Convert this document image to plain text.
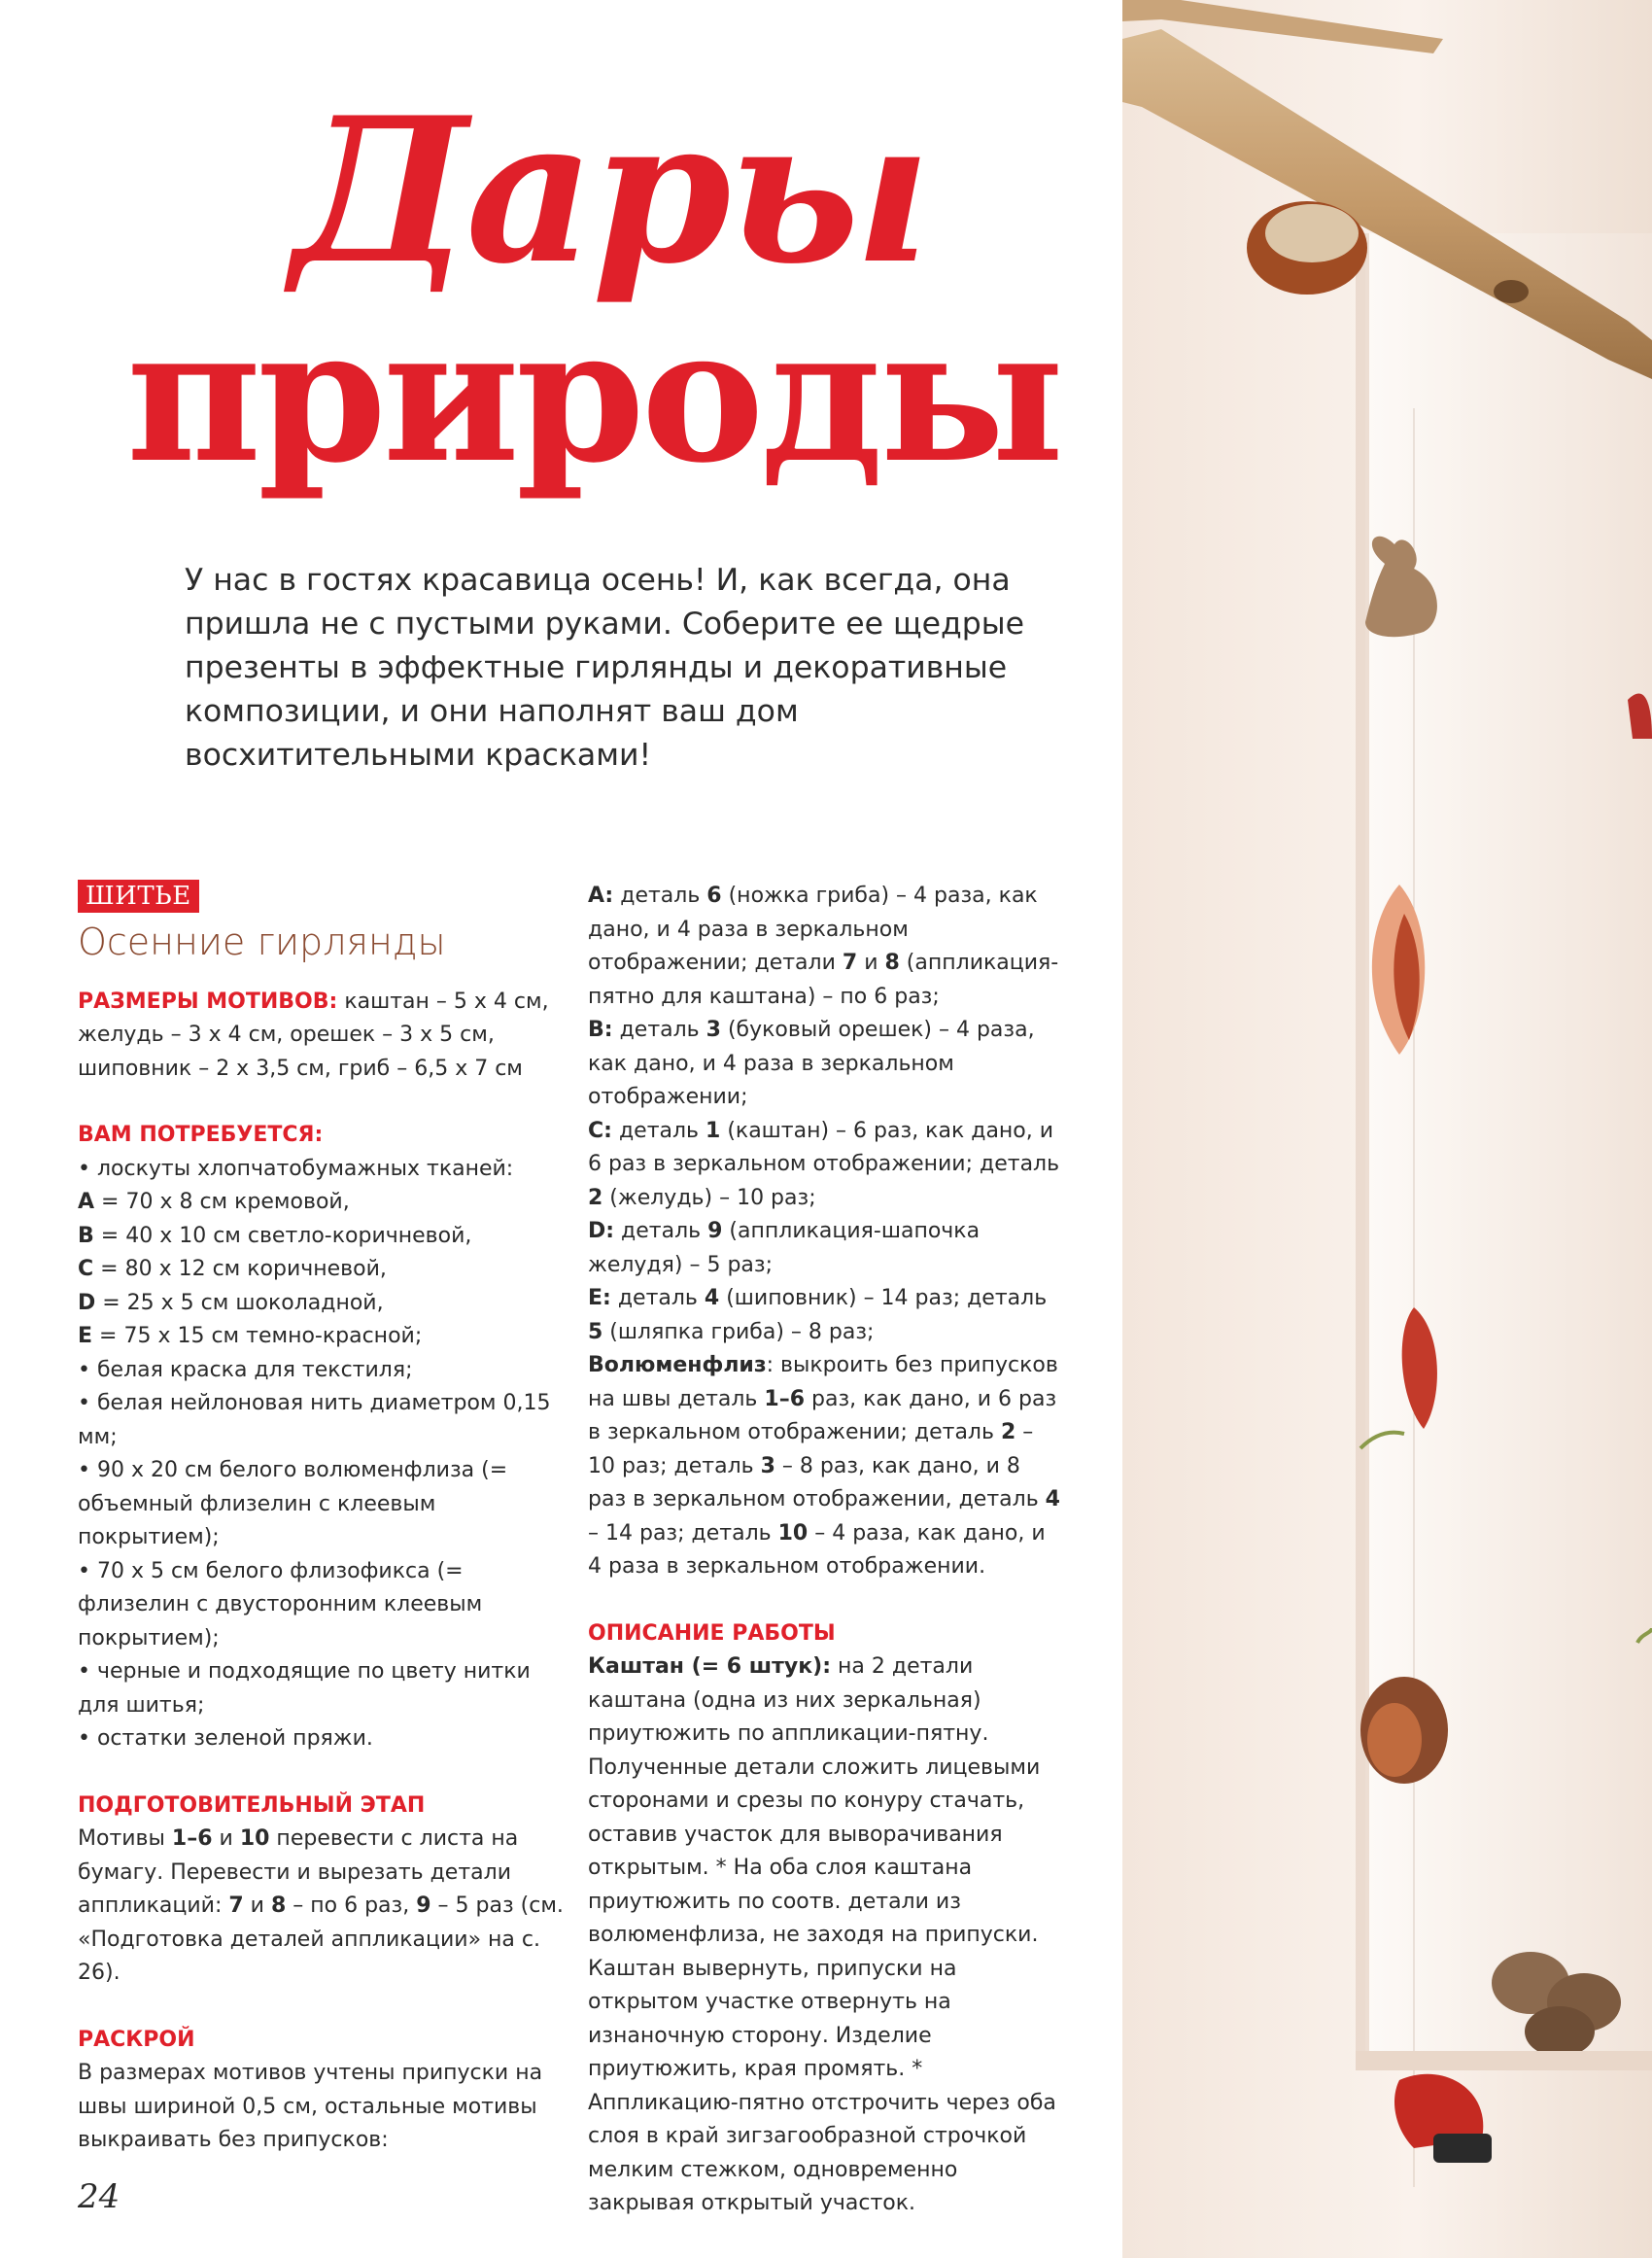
Дары
природы

У нас в гостях красавица осень! И, как всегда, она пришла не с пустыми руками. Соберите ее щедрые презенты в эффектные гирлянды и декоративные композиции, и они наполнят ваш дом восхитительными красками!

ШИТЬЕ
Осенние гирлянды

РАЗМЕРЫ МОТИВОВ: каштан – 5 х 4 см, желудь – 3 х 4 см, орешек – 3 х 5 см, шиповник – 2 х 3,5 см, гриб – 6,5 х 7 см

ВАМ ПОТРЕБУЕТСЯ:

• лоскуты хлопчатобумажных тканей:

A = 70 х 8 см кремовой,

B = 40 х 10 см светло-коричневой,

C = 80 х 12 см коричневой,

D = 25 х 5 см шоколадной,

E = 75 х 15 см темно-красной;

• белая краска для текстиля;

• белая нейлоновая нить диаметром 0,15 мм;

• 90 х 20 см белого волюменфлиза (= объемный флизелин с клеевым покрытием);

• 70 х 5 см белого флизофикса (= флизелин с двусторонним клеевым покрытием);

• черные и подходящие по цвету нитки для шитья;

• остатки зеленой пряжи.

ПОДГОТОВИТЕЛЬНЫЙ ЭТАП

Мотивы 1–6 и 10 перевести с листа на бумагу. Перевести и вырезать детали аппликаций: 7 и 8 – по 6 раз, 9 – 5 раз (см. «Подготовка деталей аппликации» на с. 26).

РАСКРОЙ

В размерах мотивов учтены припуски на швы шириной 0,5 см, остальные мотивы выкраивать без припусков:

A: деталь 6 (ножка гриба) – 4 раза, как дано, и 4 раза в зеркальном отображении; детали 7 и 8 (аппликация-пятно для каштана) – по 6 раз;

B: деталь 3 (буковый орешек) – 4 раза, как дано, и 4 раза в зеркальном отображении;

C: деталь 1 (каштан) – 6 раз, как дано, и 6 раз в зеркальном отображении; деталь 2 (желудь) – 10 раз;

D: деталь 9 (аппликация-шапочка желудя) – 5 раз;

E: деталь 4 (шиповник) – 14 раз; деталь 5 (шляпка гриба) – 8 раз;

Волюменфлиз: выкроить без припусков на швы деталь 1–6 раз, как дано, и 6 раз в зеркальном отображении; деталь 2 – 10 раз; деталь 3 – 8 раз, как дано, и 8 раз в зеркальном отображении, деталь 4 – 14 раз; деталь 10 – 4 раза, как дано, и 4 раза в зеркальном отображении.

ОПИСАНИЕ РАБОТЫ

Каштан (= 6 штук): на 2 детали каштана (одна из них зеркальная) приутюжить по аппликации-пятну. Полученные детали сложить лицевыми сторонами и срезы по конуру стачать, оставив участок для выворачивания открытым. * На оба слоя каштана приутюжить по соотв. детали из волюменфлиза, не заходя на припуски. Каштан вывернуть, припуски на открытом участке отвернуть на изнаночную сторону. Изделие приутюжить, края промять. * Аппликацию-пятно отстрочить через оба слоя в край зигзагообразной строчкой мелким стежком, одновременно закрывая открытый участок.

24
